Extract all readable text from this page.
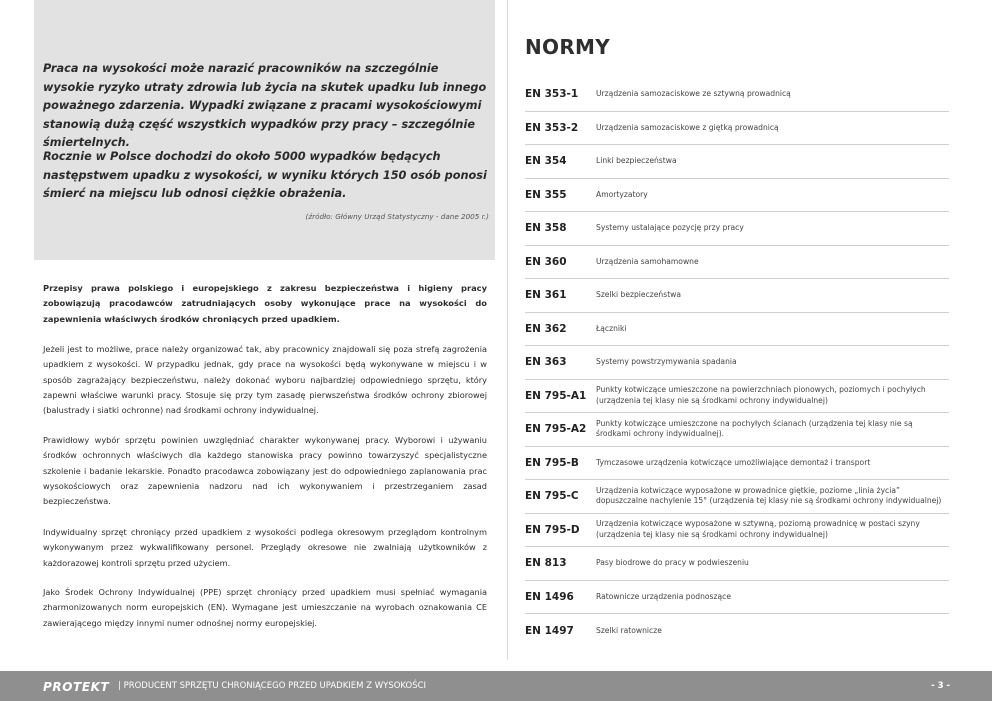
Praca na wysokości może narazić pracowników na szczególnie wysokie ryzyko utraty zdrowia lub życia na skutek upadku lub innego poważnego zdarzenia. Wypadki związane z pracami wysokościowymi stanowią dużą część wszystkich wypadków przy pracy – szczególnie śmiertelnych.

Rocznie w Polsce dochodzi do około 5000 wypadków będących następstwem upadku z wysokości, w wyniku których 150 osób ponosi śmierć na miejscu lub odnosi ciężkie obrażenia.

(źródło: Główny Urząd Statystyczny - dane 2005 r.)

Przepisy prawa polskiego i europejskiego z zakresu bezpieczeństwa i higieny pracy zobowiązują pracodawców zatrudniających osoby wykonujące prace na wysokości do zapewnienia właściwych środków chroniących przed upadkiem.

Jeżeli jest to możliwe, prace należy organizować tak, aby pracownicy znajdowali się poza strefą zagrożenia upadkiem z wysokości. W przypadku jednak, gdy prace na wysokości będą wykonywane w miejscu i w sposób zagrażający bezpieczeństwu, należy dokonać wyboru najbardziej odpowiedniego sprzętu, który zapewni właściwe warunki pracy. Stosuje się przy tym zasadę pierwszeństwa środków ochrony zbiorowej (balustrady i siatki ochronne) nad środkami ochrony indywidualnej.

Prawidłowy wybór sprzętu powinien uwzględniać charakter wykonywanej pracy. Wyborowi i używaniu środków ochronnych właściwych dla każdego stanowiska pracy powinno towarzyszyć specjalistyczne szkolenie i badanie lekarskie. Ponadto pracodawca zobowiązany jest do odpowiedniego zaplanowania prac wysokościowych oraz zapewnienia nadzoru nad ich wykonywaniem i przestrzeganiem zasad bezpieczeństwa.

Indywidualny sprzęt chroniący przed upadkiem z wysokości podlega okresowym przeglądom kontrolnym wykonywanym przez wykwalifikowany personel. Przeglądy okresowe nie zwalniają użytkowników z każdorazowej kontroli sprzętu przed użyciem.

Jako Środek Ochrony Indywidualnej (PPE) sprzęt chroniący przed upadkiem musi spełniać wymagania zharmonizowanych norm europejskich (EN). Wymagane jest umieszczanie na wyrobach oznakowania CE zawierającego między innymi numer odnośnej normy europejskiej.

NORMY
EN 353-1	Urządzenia samozaciskowe ze sztywną prowadnicą
EN 353-2	Urządzenia samozaciskowe z giętką prowadnicą
EN 354	Linki bezpieczeństwa
EN 355	Amortyzatory
EN 358	Systemy ustalające pozycję przy pracy
EN 360	Urządzenia samohamowne
EN 361	Szelki bezpieczeństwa
EN 362	Łączniki
EN 363	Systemy powstrzymywania spadania
EN 795-A1	Punkty kotwiczące umieszczone na powierzchniach pionowych, poziomych i pochyłych (urządzenia tej klasy nie są środkami ochrony indywidualnej)
EN 795-A2	Punkty kotwiczące umieszczone na pochyłych ścianach (urządzenia tej klasy nie są środkami ochrony indywidualnej).
EN 795-B	Tymczasowe urządzenia kotwiczące umożliwiające demontaż i transport
EN 795-C	Urządzenia kotwiczące wyposażone w prowadnice giętkie, poziome „linia życia” dopuszczalne nachylenie 15° (urządzenia tej klasy nie są środkami ochrony indywidualnej)
EN 795-D	Urządzenia kotwiczące wyposażone w sztywną, poziomą prowadnicę w postaci szyny (urządzenia tej klasy nie są środkami ochrony indywidualnej)
EN 813	Pasy biodrowe do pracy w podwieszeniu
EN 1496	Ratownicze urządzenia podnoszące
EN 1497	Szelki ratownicze
PROTEKT | PRODUCENT SPRZĘTU CHRONIĄCEGO PRZED UPADKIEM Z WYSOKOŚCI	- 3 -
